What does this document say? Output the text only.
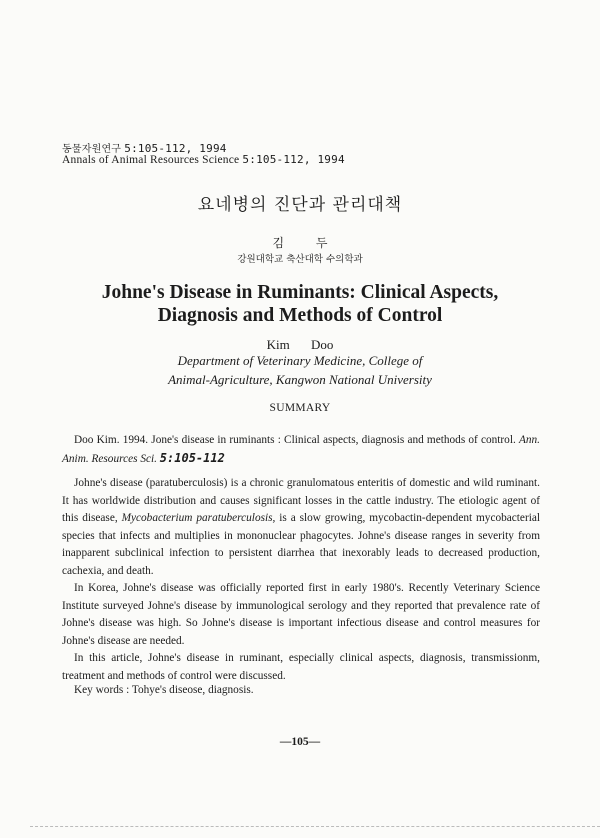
동물자원연구 5:105-112, 1994
Annals of Animal Resources Science 5:105-112, 1994
요네병의 진단과 관리대책
김 두
강원대학교 축산대학 수의학과
Johne's Disease in Ruminants: Clinical Aspects,
Diagnosis and Methods of Control
Kim Doo
Department of Veterinary Medicine, College of
Animal-Agriculture, Kangwon National University
SUMMARY

Doo Kim. 1994. Jone's disease in ruminants : Clinical aspects, diagnosis and methods of control. Ann. Anim. Resources Sci. 5:105-112

Johne's disease (paratuberculosis) is a chronic granulomatous enteritis of domestic and wild ruminant. It has worldwide distribution and causes significant losses in the cattle industry. The etiologic agent of this disease, Mycobacterium paratuberculosis, is a slow growing, mycobactin-dependent mycobacterial species that infects and multiplies in mononuclear phagocytes. Johne's disease ranges in severity from inapparent subclinical infection to persistent diarrhea that inexorably leads to decreased production, cachexia, and death.

In Korea, Johne's disease was officially reported first in early 1980's. Recently Veterinary Science Institute surveyed Johne's disease by immunological serology and they reported that prevalence rate of Johne's disease was high. So Johne's disease is important infectious disease and control measures for Johne's disease are needed.

In this article, Johne's disease in ruminant, especially clinical aspects, diagnosis, transmissionm, treatment and methods of control were discussed.

Key words : Tohye's diseose, diagnosis.
—105—
